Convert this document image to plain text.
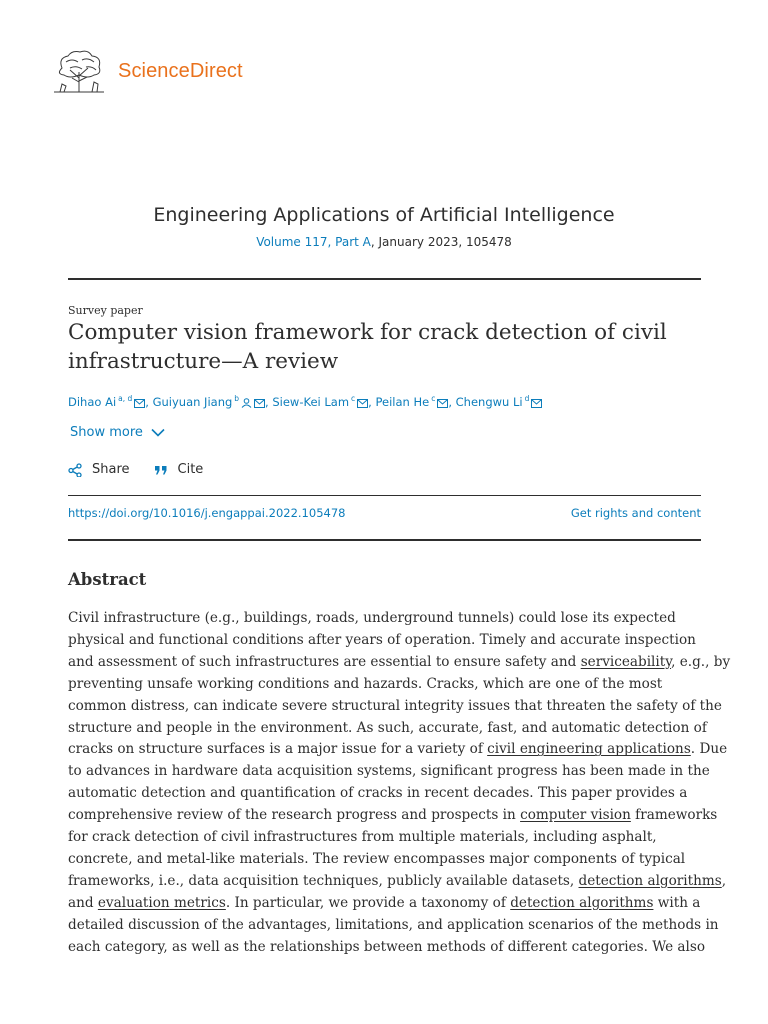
ScienceDirect
Engineering Applications of Artificial Intelligence
Volume 117, Part A, January 2023, 105478
Survey paper
Computer vision framework for crack detection of civil
infrastructure—A review
Dihao Ai $^{a, d}$ , Guiyuan Jiang $^b$ , Siew-Kei Lam $^c$ , Peilan He $^c$ , Chengwu Li $^d$
Show more
Share	Cite
https://doi.org/10.1016/j.engappai.2022.105478	Get rights and content
Abstract

Civil infrastructure (e.g., buildings, roads, underground tunnels) could lose its expected
physical and functional conditions after years of operation. Timely and accurate inspection
and assessment of such infrastructures are essential to ensure safety and serviceability, e.g., by
preventing unsafe working conditions and hazards. Cracks, which are one of the most
common distress, can indicate severe structural integrity issues that threaten the safety of the
structure and people in the environment. As such, accurate, fast, and automatic detection of
cracks on structure surfaces is a major issue for a variety of civil engineering applications. Due
to advances in hardware data acquisition systems, significant progress has been made in the
automatic detection and quantification of cracks in recent decades. This paper provides a
comprehensive review of the research progress and prospects in computer vision frameworks
for crack detection of civil infrastructures from multiple materials, including asphalt,
concrete, and metal-like materials. The review encompasses major components of typical
frameworks, i.e., data acquisition techniques, publicly available datasets, detection algorithms,
and evaluation metrics. In particular, we provide a taxonomy of detection algorithms with a
detailed discussion of the advantages, limitations, and application scenarios of the methods in
each category, as well as the relationships between methods of different categories. We also
